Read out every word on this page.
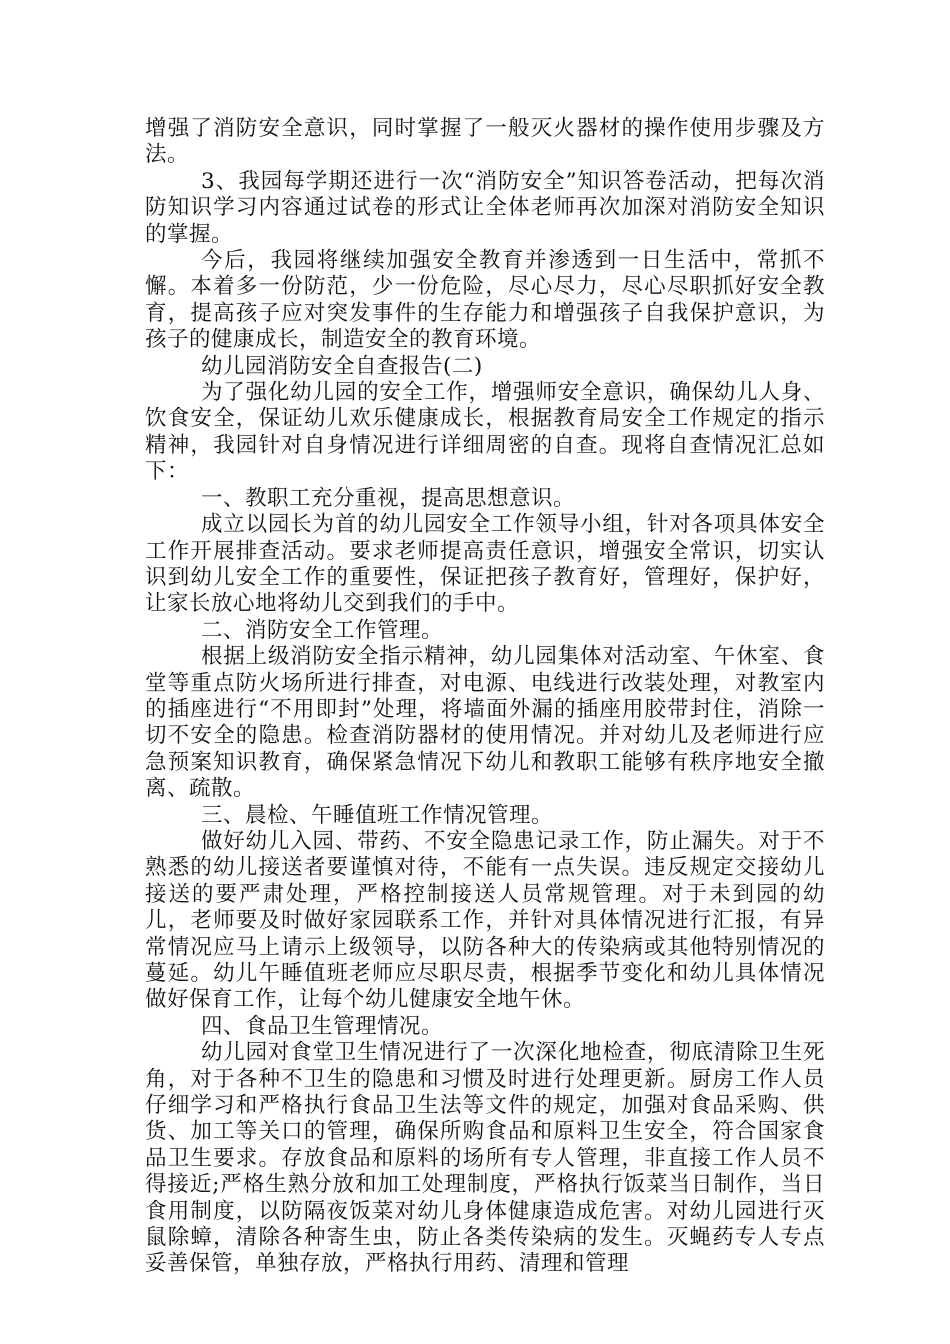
增强了消防安全意识，同时掌握了一般灭火器材的操作使用步骤及方法。

3、我园每学期还进行一次“消防安全”知识答卷活动，把每次消防知识学习内容通过试卷的形式让全体老师再次加深对消防安全知识的掌握。

今后，我园将继续加强安全教育并渗透到一日生活中，常抓不懈。本着多一份防范，少一份危险，尽心尽力，尽心尽职抓好安全教育，提高孩子应对突发事件的生存能力和增强孩子自我保护意识，为孩子的健康成长，制造安全的教育环境。

幼儿园消防安全自查报告(二)

为了强化幼儿园的安全工作，增强师安全意识，确保幼儿人身、饮食安全，保证幼儿欢乐健康成长，根据教育局安全工作规定的指示精神，我园针对自身情况进行详细周密的自查。现将自查情况汇总如下：

一、教职工充分重视，提高思想意识。

成立以园长为首的幼儿园安全工作领导小组，针对各项具体安全工作开展排查活动。要求老师提高责任意识，增强安全常识，切实认识到幼儿安全工作的重要性，保证把孩子教育好，管理好，保护好，让家长放心地将幼儿交到我们的手中。

二、消防安全工作管理。

根据上级消防安全指示精神，幼儿园集体对活动室、午休室、食堂等重点防火场所进行排查，对电源、电线进行改装处理，对教室内的插座进行“不用即封”处理，将墙面外漏的插座用胶带封住，消除一切不安全的隐患。检查消防器材的使用情况。并对幼儿及老师进行应急预案知识教育，确保紧急情况下幼儿和教职工能够有秩序地安全撤离、疏散。

三、晨检、午睡值班工作情况管理。

做好幼儿入园、带药、不安全隐患记录工作，防止漏失。对于不熟悉的幼儿接送者要谨慎对待，不能有一点失误。违反规定交接幼儿接送的要严肃处理，严格控制接送人员常规管理。对于未到园的幼儿，老师要及时做好家园联系工作，并针对具体情况进行汇报，有异常情况应马上请示上级领导，以防各种大的传染病或其他特别情况的蔓延。幼儿午睡值班老师应尽职尽责，根据季节变化和幼儿具体情况做好保育工作，让每个幼儿健康安全地午休。

四、食品卫生管理情况。

幼儿园对食堂卫生情况进行了一次深化地检查，彻底清除卫生死角，对于各种不卫生的隐患和习惯及时进行处理更新。厨房工作人员仔细学习和严格执行食品卫生法等文件的规定，加强对食品采购、供货、加工等关口的管理，确保所购食品和原料卫生安全，符合国家食品卫生要求。存放食品和原料的场所有专人管理，非直接工作人员不得接近;严格生熟分放和加工处理制度，严格执行饭菜当日制作，当日食用制度，以防隔夜饭菜对幼儿身体健康造成危害。对幼儿园进行灭鼠除蟑，清除各种寄生虫，防止各类传染病的发生。灭蝇药专人专点妥善保管，单独存放，严格执行用药、清理和管理
